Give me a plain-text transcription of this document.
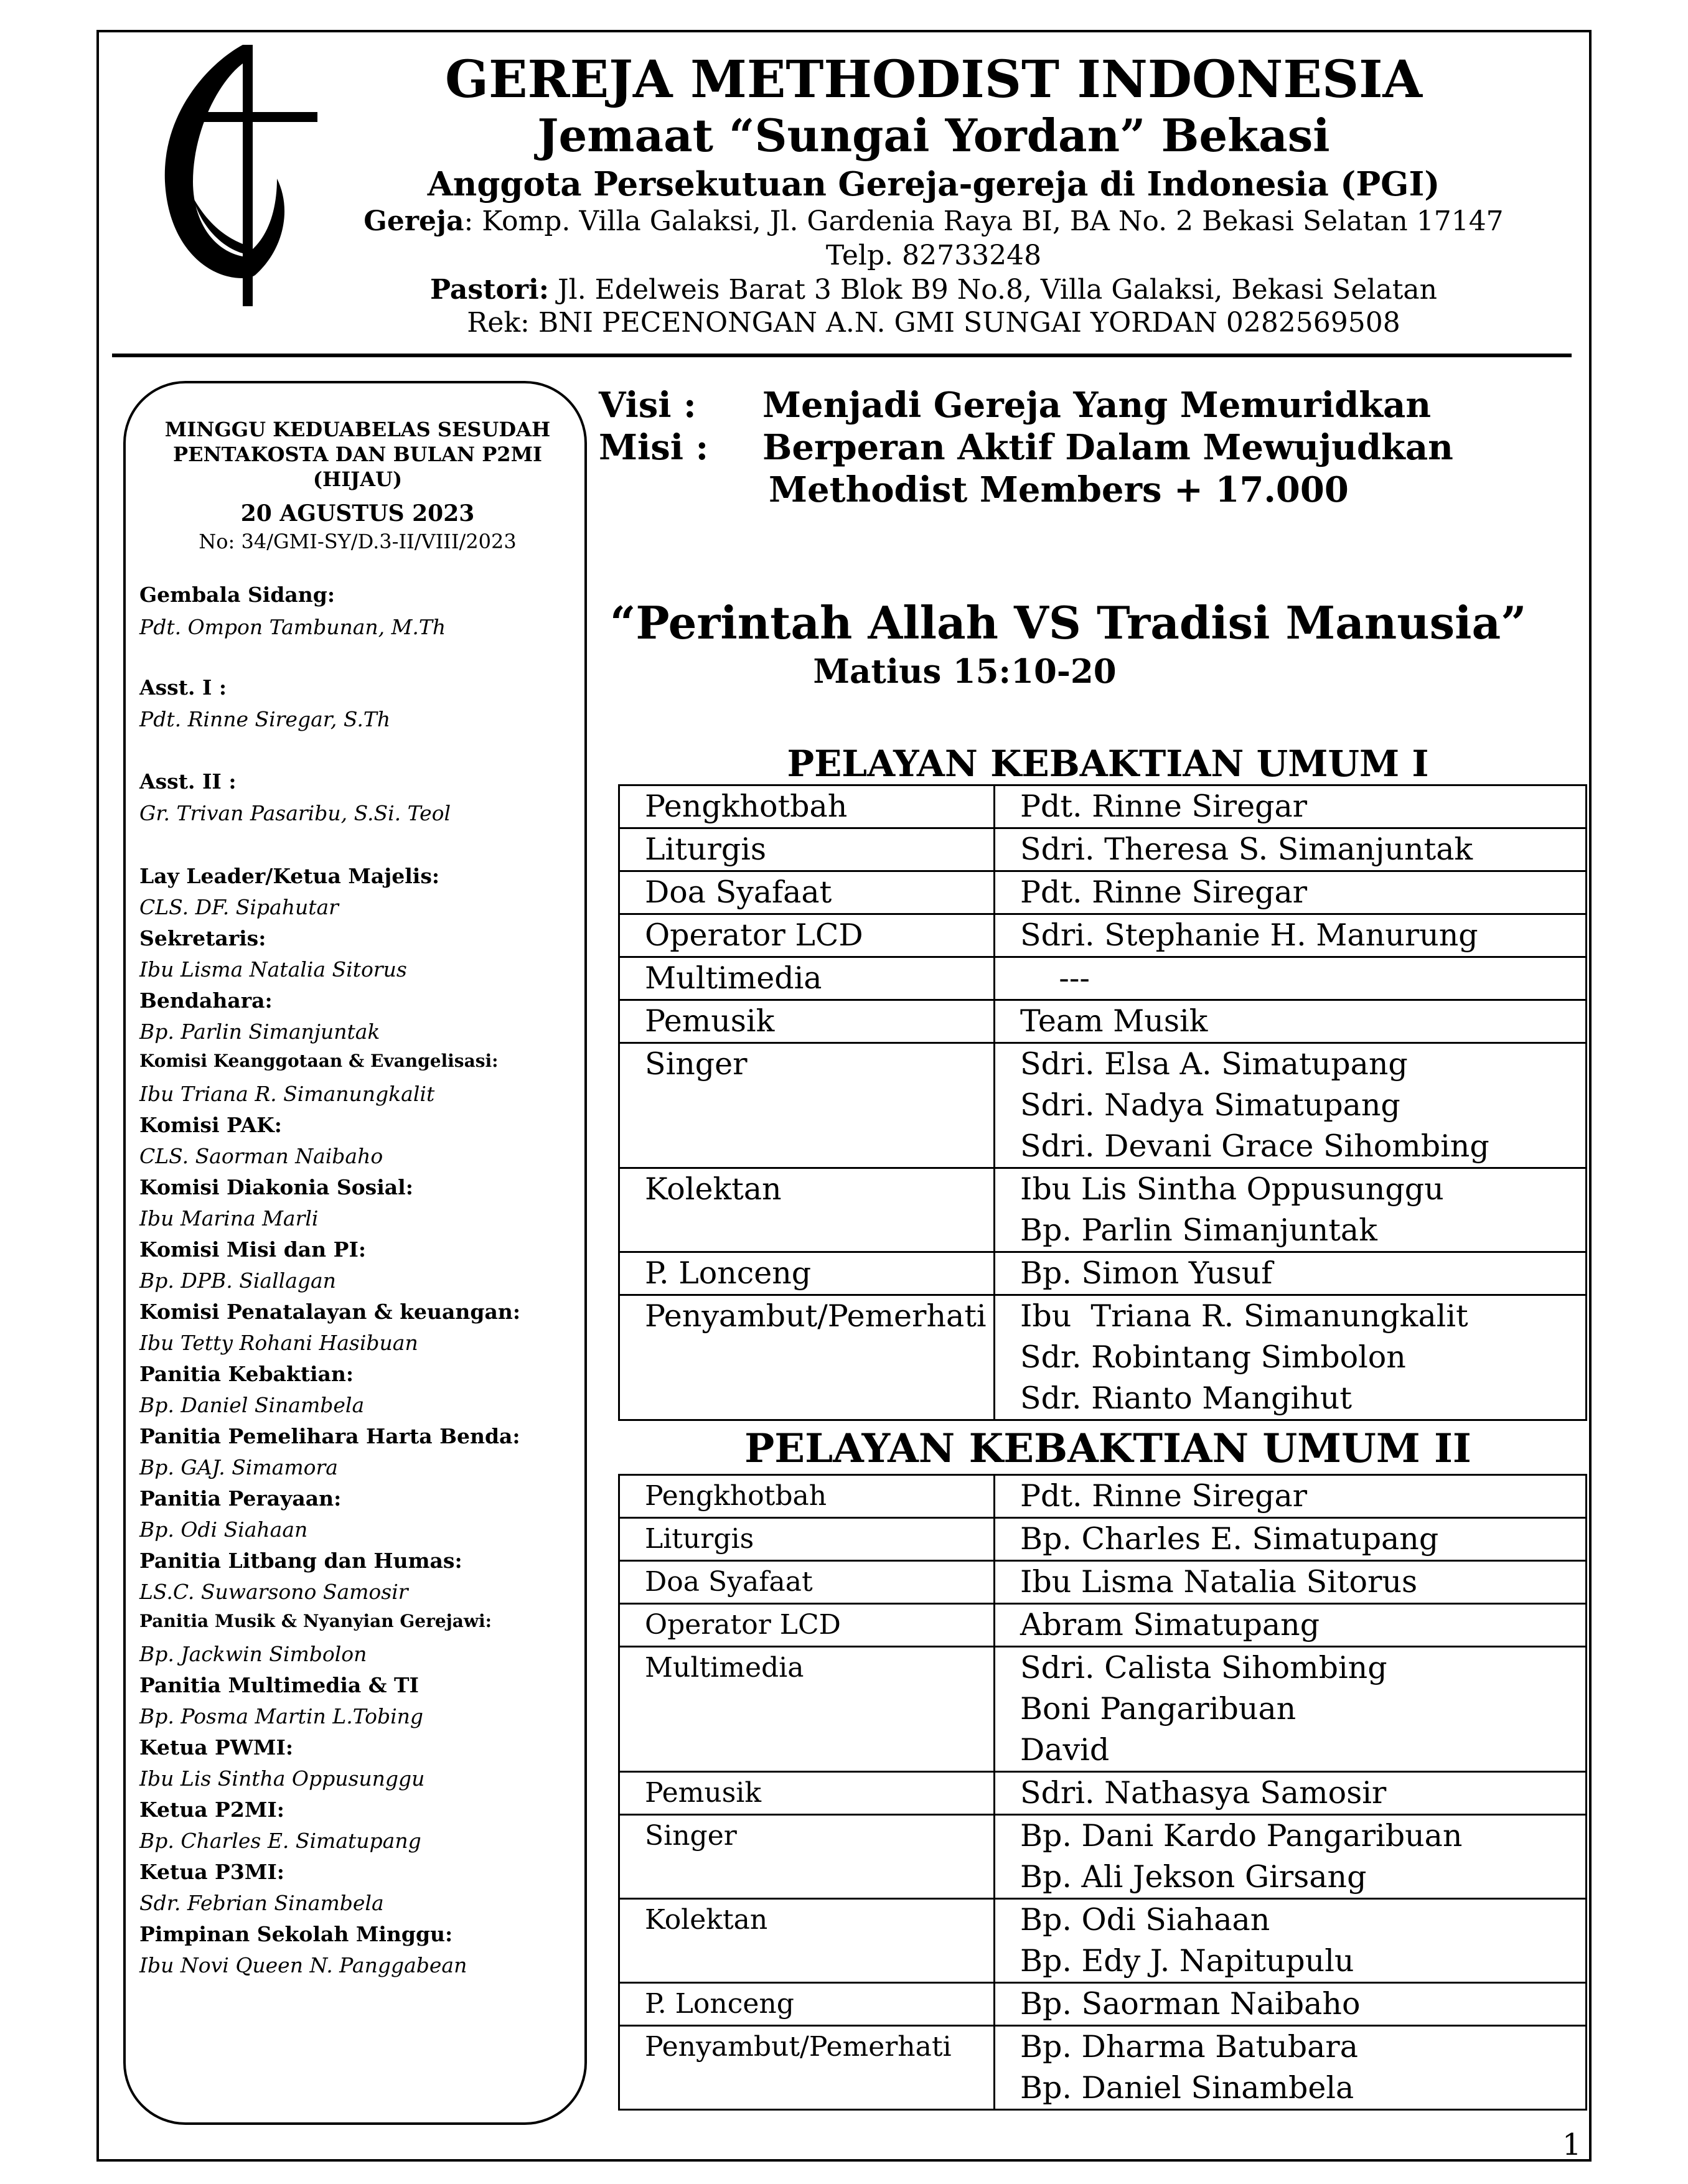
GEREJA METHODIST INDONESIA
Jemaat “Sungai Yordan” Bekasi
Anggota Persekutuan Gereja-gereja di Indonesia (PGI)
Gereja: Komp. Villa Galaksi, Jl. Gardenia Raya BI, BA No. 2 Bekasi Selatan 17147
Telp. 82733248
Pastori: Jl. Edelweis Barat 3 Blok B9 No.8, Villa Galaksi, Bekasi Selatan
Rek: BNI PECENONGAN A.N. GMI SUNGAI YORDAN 0282569508
MINGGU KEDUABELAS SESUDAH
PENTAKOSTA DAN BULAN P2MI
(HIJAU)
20 AGUSTUS 2023
No: 34/GMI-SY/D.3-II/VIII/2023
Visi : Menjadi Gereja Yang Memuridkan
Misi : Berperan Aktif Dalam Mewujudkan
Methodist Members + 17.000
“Perintah Allah VS Tradisi Manusia”
Matius 15:10-20
PELAYAN KEBAKTIAN UMUM I
Pengkhotbah	Pdt. Rinne Siregar

Liturgis	Sdri. Theresa S. Simanjuntak

Doa Syafaat	Pdt. Rinne Siregar

Operator LCD	Sdri. Stephanie H. Manurung

Multimedia	---

Pemusik	Team Musik

Singer	Sdri. Elsa A. Simatupang
Sdri. Nadya Simatupang
Sdri. Devani Grace Sihombing

Kolektan	Ibu Lis Sintha Oppusunggu
Bp. Parlin Simanjuntak

P. Lonceng	Bp. Simon Yusuf

Penyambut/Pemerhati	Ibu  Triana R. Simanungkalit
Sdr. Robintang Simbolon
Sdr. Rianto Mangihut
PELAYAN KEBAKTIAN UMUM II
Pengkhotbah	Pdt. Rinne Siregar

Liturgis	Bp. Charles E. Simatupang

Doa Syafaat	Ibu Lisma Natalia Sitorus

Operator LCD	Abram Simatupang

Multimedia	Sdri. Calista Sihombing
Boni Pangaribuan
David

Pemusik	Sdri. Nathasya Samosir

Singer	Bp. Dani Kardo Pangaribuan
Bp. Ali Jekson Girsang

Kolektan	Bp. Odi Siahaan
Bp. Edy J. Napitupulu

P. Lonceng	Bp. Saorman Naibaho

Penyambut/Pemerhati	Bp. Dharma Batubara
Bp. Daniel Sinambela
1
Gembala Sidang:
Pdt. Ompon Tambunan, M.Th
Asst. I :
Pdt. Rinne Siregar, S.Th
Asst. II :
Gr. Trivan Pasaribu, S.Si. Teol
Lay Leader/Ketua Majelis:
CLS. DF. Sipahutar
Sekretaris:
Ibu Lisma Natalia Sitorus
Bendahara:
Bp. Parlin Simanjuntak
Komisi Keanggotaan & Evangelisasi:
Ibu Triana R. Simanungkalit
Komisi PAK:
CLS. Saorman Naibaho
Komisi Diakonia Sosial:
Ibu Marina Marli
Komisi Misi dan PI:
Bp. DPB. Siallagan
Komisi Penatalayan & keuangan:
Ibu Tetty Rohani Hasibuan
Panitia Kebaktian:
Bp. Daniel Sinambela
Panitia Pemelihara Harta Benda:
Bp. GAJ. Simamora
Panitia Perayaan:
Bp. Odi Siahaan
Panitia Litbang dan Humas:
LS.C. Suwarsono Samosir
Panitia Musik & Nyanyian Gerejawi:
Bp. Jackwin Simbolon
Panitia Multimedia & TI
Bp. Posma Martin L.Tobing
Ketua PWMI:
Ibu Lis Sintha Oppusunggu
Ketua P2MI:
Bp. Charles E. Simatupang
Ketua P3MI:
Sdr. Febrian Sinambela
Pimpinan Sekolah Minggu:
Ibu Novi Queen N. Panggabean
